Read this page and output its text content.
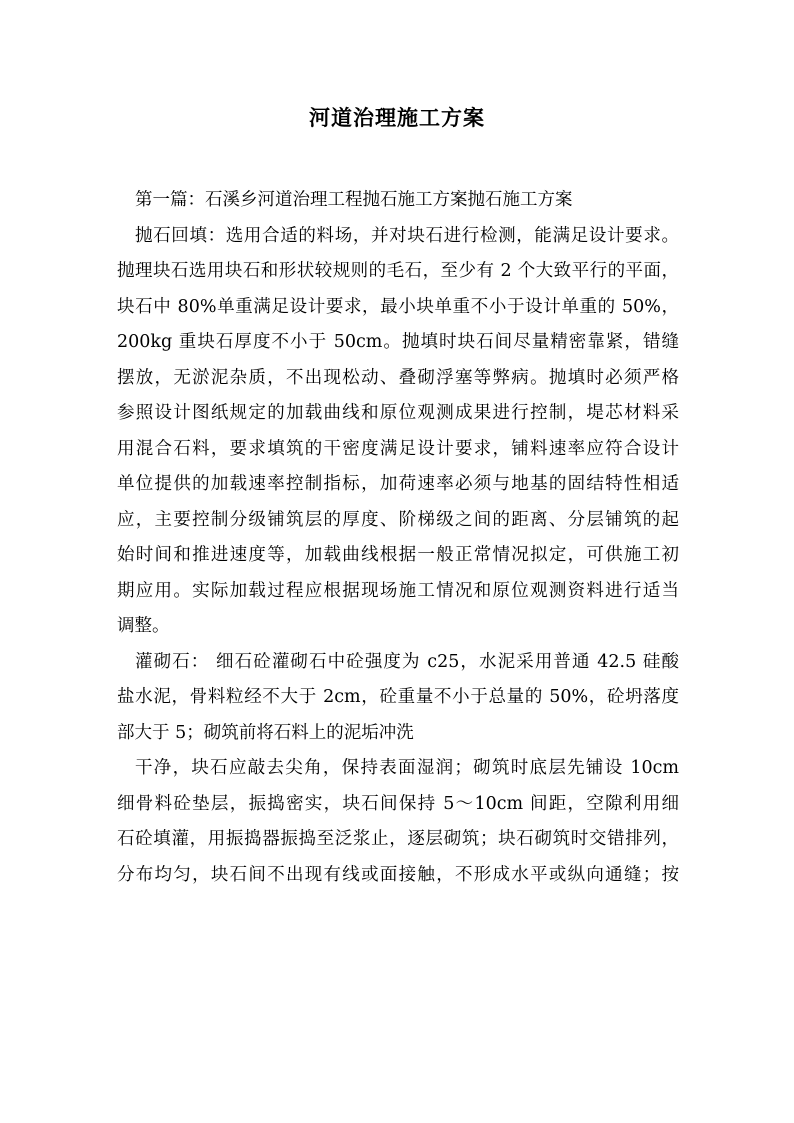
河道治理施工方案
第一篇：石溪乡河道治理工程抛石施工方案抛石施工方案
抛石回填：选用合适的料场，并对块石进行检测，能满足设计要求。
抛理块石选用块石和形状较规则的毛石，至少有 2 个大致平行的平面，
块石中 80%单重满足设计要求，最小块单重不小于设计单重的 50%，
200kg 重块石厚度不小于 50cm。抛填时块石间尽量精密靠紧，错缝
摆放，无淤泥杂质，不出现松动、叠砌浮塞等弊病。抛填时必须严格
参照设计图纸规定的加载曲线和原位观测成果进行控制，堤芯材料采
用混合石料，要求填筑的干密度满足设计要求，铺料速率应符合设计
单位提供的加载速率控制指标，加荷速率必须与地基的固结特性相适
应，主要控制分级铺筑层的厚度、阶梯级之间的距离、分层铺筑的起
始时间和推进速度等，加载曲线根据一般正常情况拟定，可供施工初
期应用。实际加载过程应根据现场施工情况和原位观测资料进行适当
调整。
灌砌石： 细石砼灌砌石中砼强度为 c25，水泥采用普通 42.5 硅酸
盐水泥，骨料粒经不大于 2cm，砼重量不小于总量的 50%，砼坍落度
部大于 5；砌筑前将石料上的泥垢冲洗
干净，块石应敲去尖角，保持表面湿润；砌筑时底层先铺设 10cm
细骨料砼垫层，振捣密实，块石间保持 5～10cm 间距，空隙利用细
石砼填灌，用振捣器振捣至泛浆止，逐层砌筑；块石砌筑时交错排列，
分布均匀，块石间不出现有线或面接触，不形成水平或纵向通缝；按
